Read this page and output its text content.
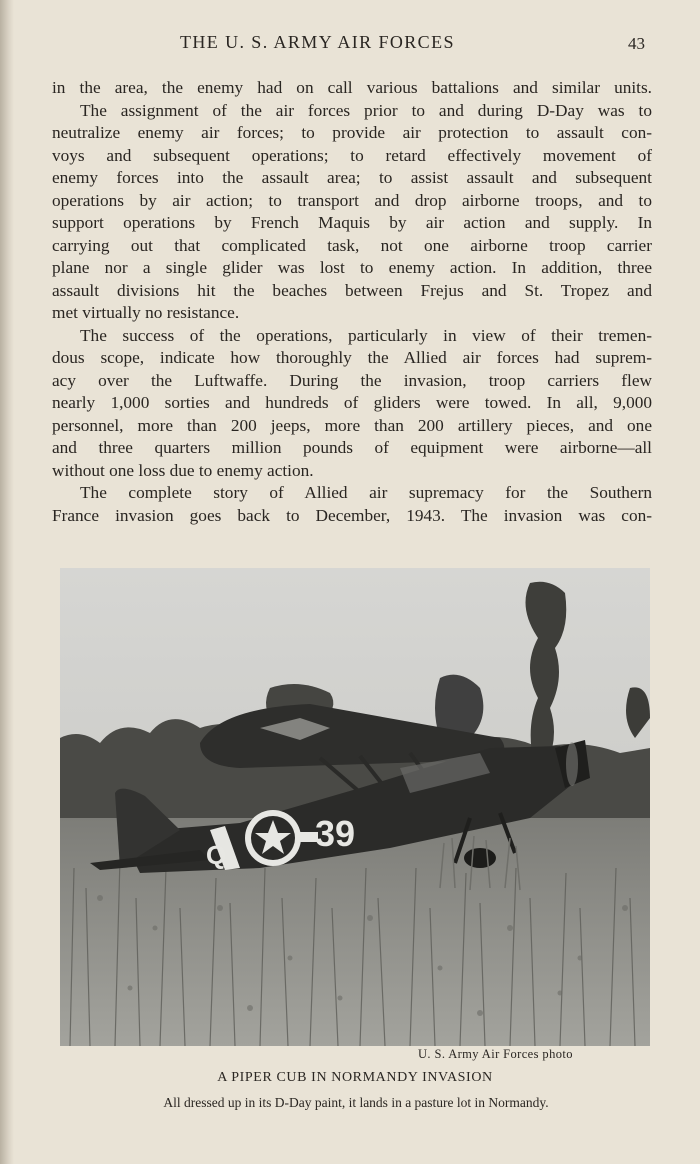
THE U. S. ARMY AIR FORCES	43

in the area, the enemy had on call various battalions and similar units.

The assignment of the air forces prior to and during D-Day was to
neutralize enemy air forces; to provide air protection to assault con-
voys and subsequent operations; to retard effectively movement of
enemy forces into the assault area; to assist assault and subsequent
operations by air action; to transport and drop airborne troops, and to
support operations by French Maquis by air action and supply. In
carrying out that complicated task, not one airborne troop carrier
plane nor a single glider was lost to enemy action. In addition, three
assault divisions hit the beaches between Frejus and St. Tropez and
met virtually no resistance.

The success of the operations, particularly in view of their tremen-
dous scope, indicate how thoroughly the Allied air forces had suprem-
acy over the Luftwaffe. During the invasion, troop carriers flew
nearly 1,000 sorties and hundreds of gliders were towed. In all, 9,000
personnel, more than 200 jeeps, more than 200 artillery pieces, and one
and three quarters million pounds of equipment were airborne—all
without one loss due to enemy action.

The complete story of Allied air supremacy for the Southern
France invasion goes back to December, 1943. The invasion was con-

Q
39
U. S. Army Air Forces photo
A PIPER CUB IN NORMANDY INVASION
All dressed up in its D-Day paint, it lands in a pasture lot in Normandy.
